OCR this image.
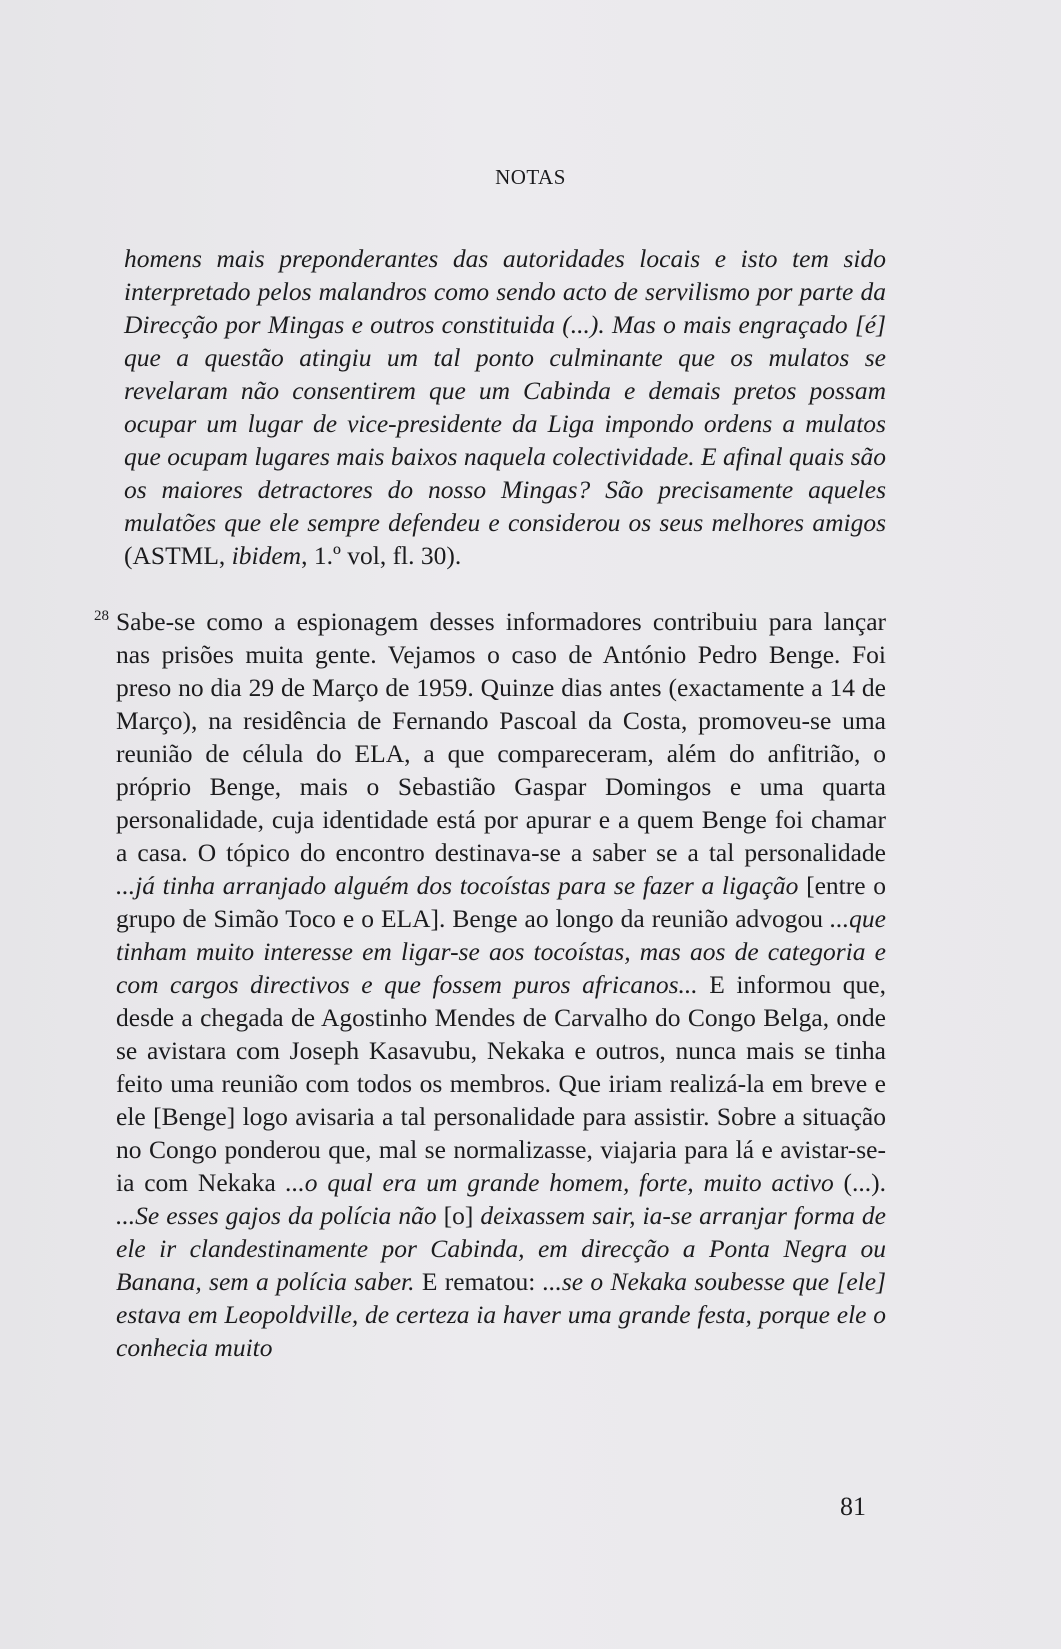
NOTAS
homens mais preponderantes das autoridades locais e isto tem sido interpretado pelos malandros como sendo acto de servilismo por parte da Direcção por Mingas e outros constituida (...). Mas o mais engraçado [é] que a questão atingiu um tal ponto culminante que os mulatos se revelaram não consentirem que um Cabinda e demais pretos possam ocupar um lugar de vice-presidente da Liga impondo ordens a mulatos que ocupam lugares mais baixos naquela colectividade. E afinal quais são os maiores detractores do nosso Mingas? São precisamente aqueles mulatões que ele sempre defendeu e considerou os seus melhores amigos (ASTML, ibidem, 1.º vol, fl. 30).
28 Sabe-se como a espionagem desses informadores contribuiu para lançar nas prisões muita gente. Vejamos o caso de António Pedro Benge. Foi preso no dia 29 de Março de 1959. Quinze dias antes (exactamente a 14 de Março), na residência de Fernando Pascoal da Costa, promoveu-se uma reunião de célula do ELA, a que compareceram, além do anfitrião, o próprio Benge, mais o Sebastião Gaspar Domingos e uma quarta personalidade, cuja identidade está por apurar e a quem Benge foi chamar a casa. O tópico do encontro destinava-se a saber se a tal personalidade ...já tinha arranjado alguém dos tocoístas para se fazer a ligação [entre o grupo de Simão Toco e o ELA]. Benge ao longo da reunião advogou ...que tinham muito interesse em ligar-se aos tocoístas, mas aos de categoria e com cargos directivos e que fossem puros africanos... E informou que, desde a chegada de Agostinho Mendes de Carvalho do Congo Belga, onde se avistara com Joseph Kasavubu, Nekaka e outros, nunca mais se tinha feito uma reunião com todos os membros. Que iriam realizá-la em breve e ele [Benge] logo avisaria a tal personalidade para assistir. Sobre a situação no Congo ponderou que, mal se normalizasse, viajaria para lá e avistar-se-ia com Nekaka ...o qual era um grande homem, forte, muito activo (...). ...Se esses gajos da polícia não [o] deixassem sair, ia-se arranjar forma de ele ir clandestinamente por Cabinda, em direcção a Ponta Negra ou Banana, sem a polícia saber. E rematou: ...se o Nekaka soubesse que [ele] estava em Leopoldville, de certeza ia haver uma grande festa, porque ele o conhecia muito
81
